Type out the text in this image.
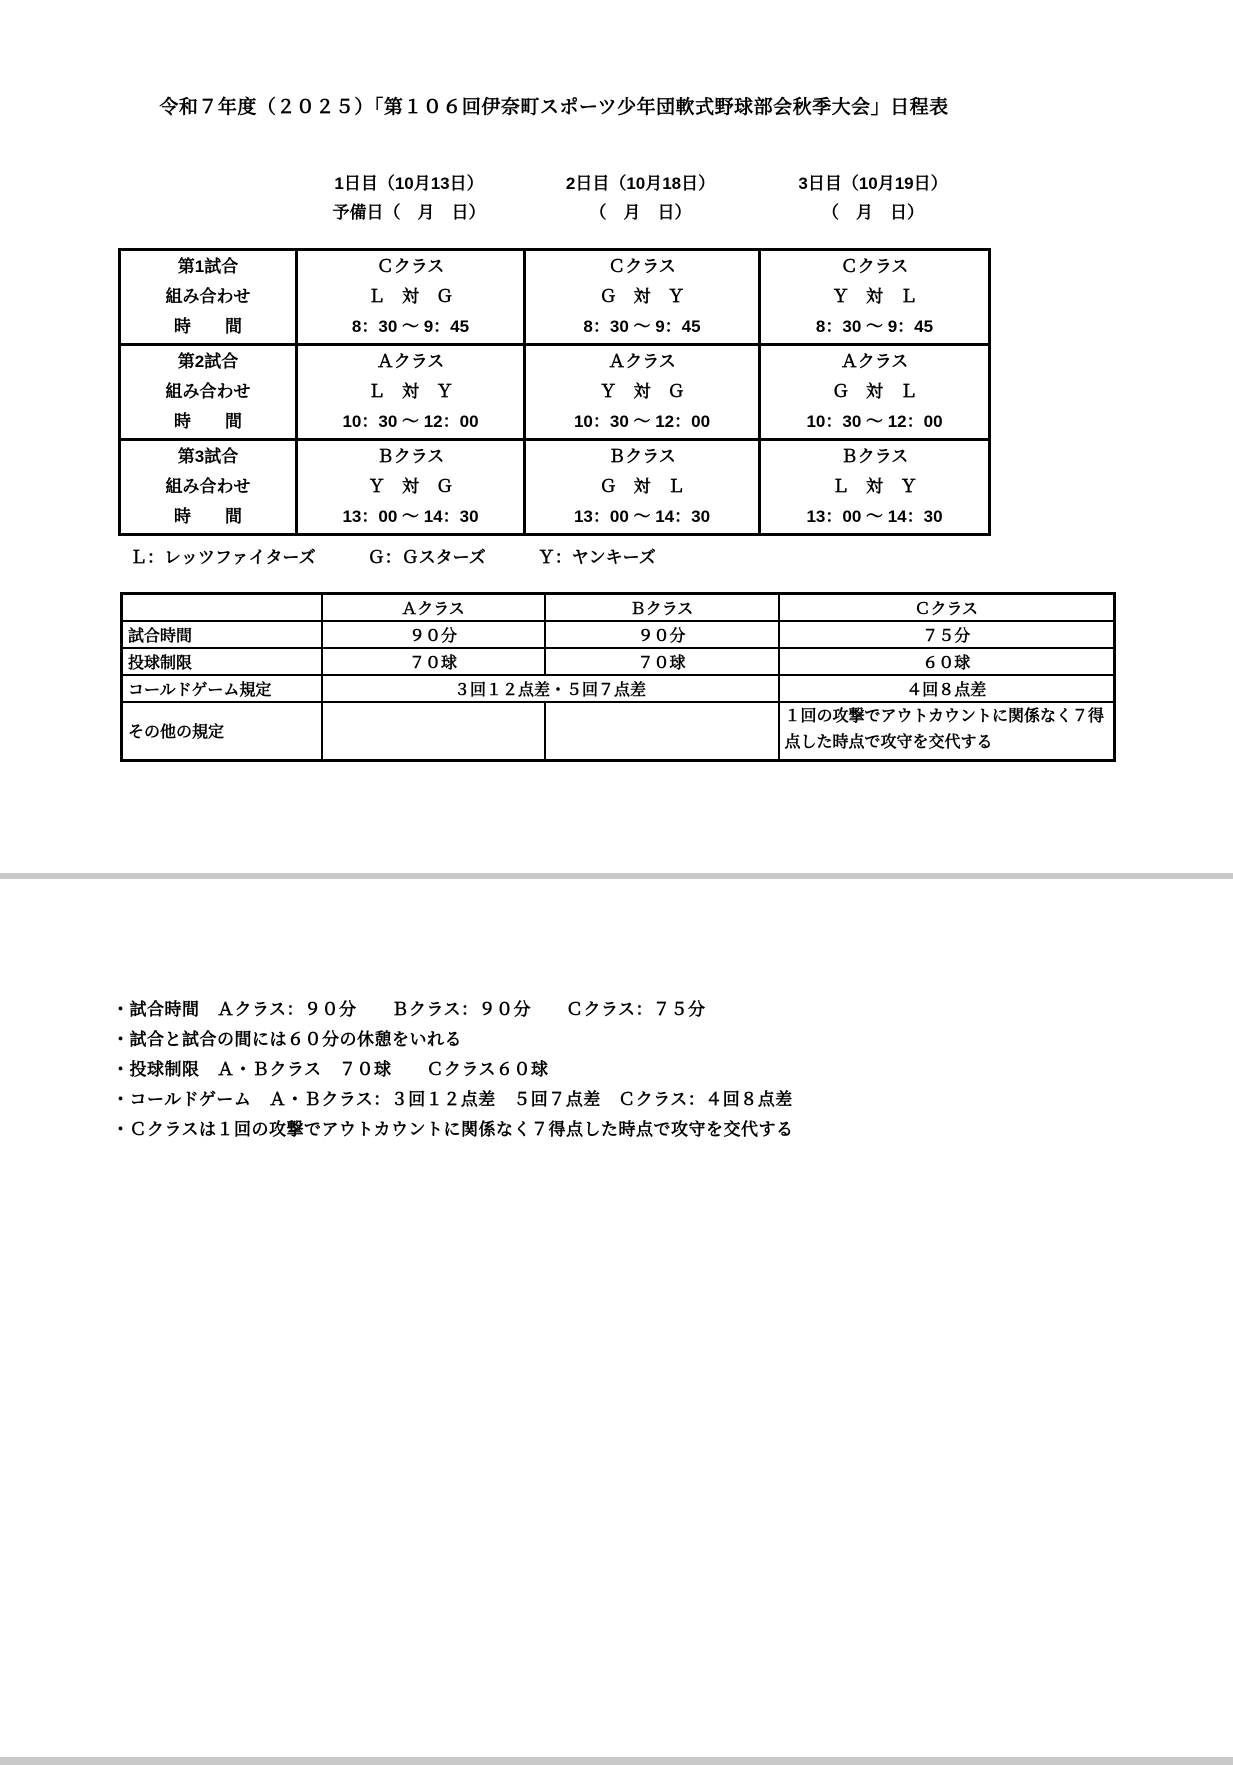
令和７年度（２０２５）「第１０６回伊奈町スポーツ少年団軟式野球部会秋季大会」日程表
1日目（10月13日）
予備日（　月　日）
2日目（10月18日）
（　月　日）
3日目（10月19日）
（　月　日）
第1試合
組み合わせ
時　　間

Ｃクラス
Ｌ　対　Ｇ
8：30 ～ 9：45

Ｃクラス
Ｇ　対　Ｙ
8：30 ～ 9：45

Ｃクラス
Ｙ　対　Ｌ
8：30 ～ 9：45

第2試合
組み合わせ
時　　間

Ａクラス
Ｌ　対　Ｙ
10：30 ～ 12：00

Ａクラス
Ｙ　対　Ｇ
10：30 ～ 12：00

Ａクラス
Ｇ　対　Ｌ
10：30 ～ 12：00

第3試合
組み合わせ
時　　間

Ｂクラス
Ｙ　対　Ｇ
13：00 ～ 14：30

Ｂクラス
Ｇ　対　Ｌ
13：00 ～ 14：30

Ｂクラス
Ｌ　対　Ｙ
13：00 ～ 14：30
Ｌ：レッツファイターズ	Ｇ：Ｇスターズ	Ｙ：ヤンキーズ
	Ａクラス	Ｂクラス	Ｃクラス
試合時間	９０分	９０分	７５分
投球制限	７０球	７０球	６０球
コールドゲーム規定	３回１２点差・５回７点差		４回８点差
その他の規定			１回の攻撃でアウトカウントに関係なく７得点した時点で攻守を交代する
・試合時間　Ａクラス：９０分　　Ｂクラス：９０分　　Ｃクラス：７５分
・試合と試合の間には６０分の休憩をいれる
・投球制限　Ａ・Ｂクラス　７０球　　Ｃクラス６０球
・コールドゲーム　Ａ・Ｂクラス：３回１２点差　５回７点差　Ｃクラス：４回８点差
・Ｃクラスは１回の攻撃でアウトカウントに関係なく７得点した時点で攻守を交代する
